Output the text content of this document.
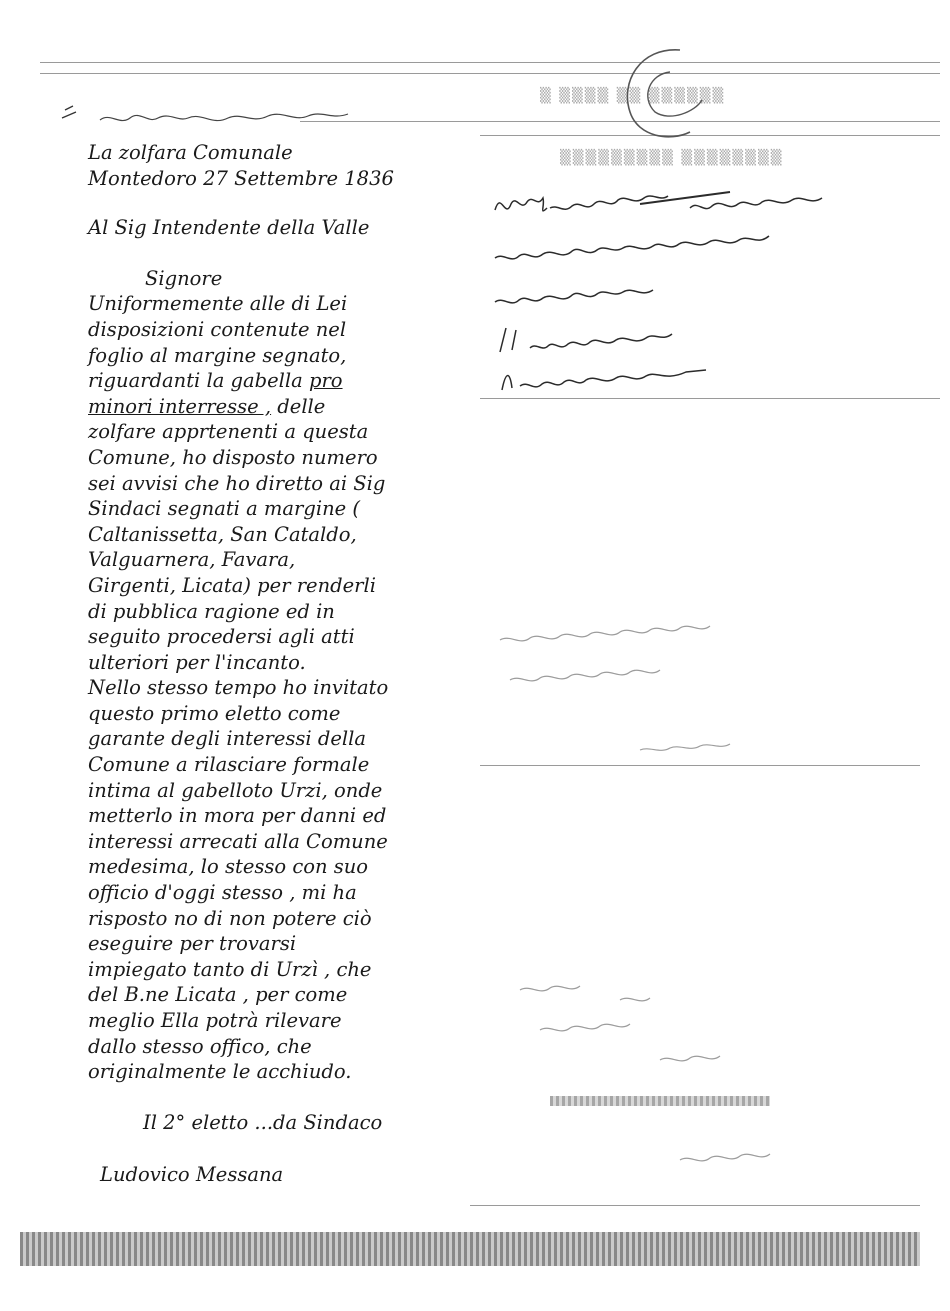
▒ ▒▒▒▒ ▒▒ ▒▒▒▒▒▒
▒▒▒▒▒▒▒▒▒ ▒▒▒▒▒▒▒▒

La zolfara Comunale
Montedoro 27 Settembre 1836

Al Sig Intendente della Valle

Signore

Uniformemente alle di Lei
disposizioni contenute nel
foglio al margine segnato,
riguardanti la gabella pro
minori interresse , delle
zolfare apprtenenti a questa
Comune, ho disposto numero
sei avvisi che ho diretto ai Sig
Sindaci segnati a margine (
Caltanissetta, San Cataldo,
Valguarnera, Favara,
Girgenti, Licata) per renderli
di pubblica ragione ed in
seguito procedersi agli atti
ulteriori per l'incanto.
Nello stesso tempo ho invitato
questo primo eletto come
garante degli interessi della
Comune a rilasciare formale
intima al gabelloto Urzi, onde
metterlo in mora per danni ed
interessi arrecati alla Comune
medesima, lo stesso con suo
officio d'oggi stesso , mi ha
risposto no di non potere ciò
eseguire per trovarsi
impiegato tanto di Urzì , che
del B.ne Licata , per come
meglio Ella potrà rilevare
dallo stesso offico, che
originalmente le acchiudo.

Il 2° eletto ...da Sindaco

Ludovico Messana
